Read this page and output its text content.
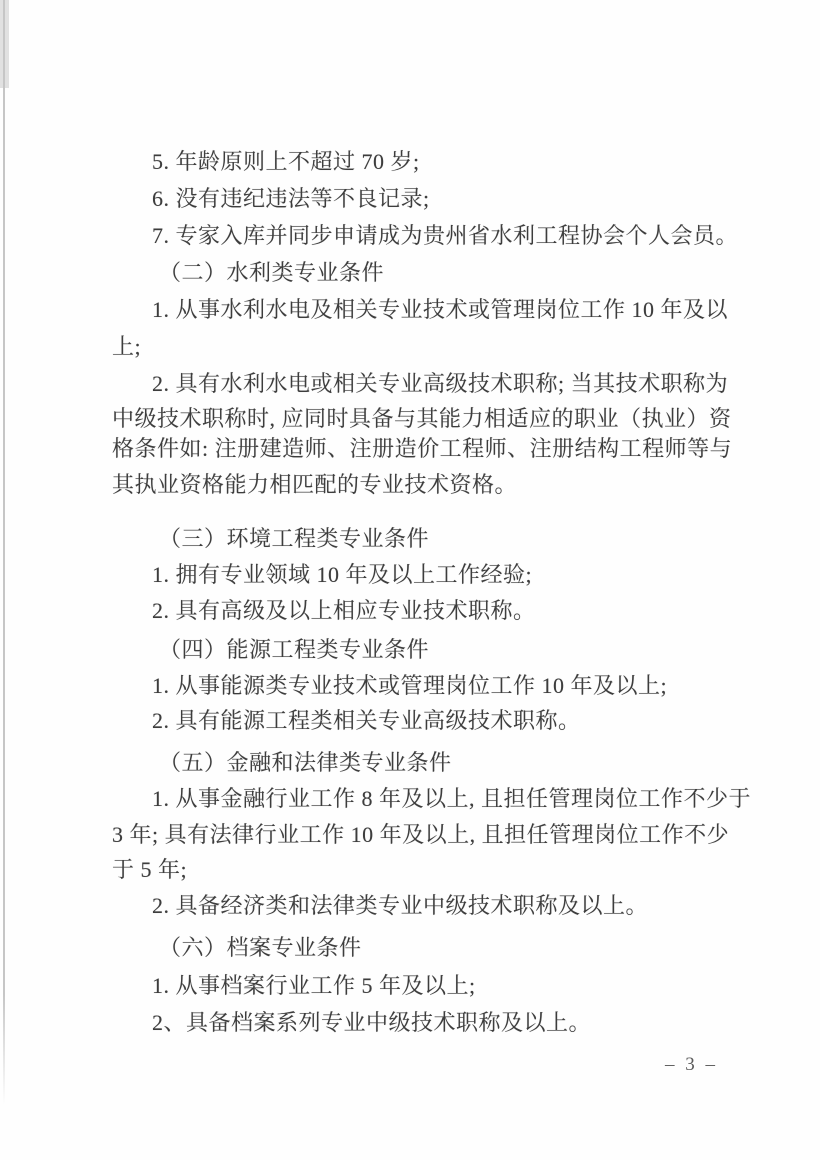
5. 年龄原则上不超过 70 岁;
6. 没有违纪违法等不良记录;
7. 专家入库并同步申请成为贵州省水利工程协会个人会员。
（二）水利类专业条件
1. 从事水利水电及相关专业技术或管理岗位工作 10 年及以
上;
2. 具有水利水电或相关专业高级技术职称; 当其技术职称为
中级技术职称时, 应同时具备与其能力相适应的职业（执业）资
格条件如: 注册建造师、注册造价工程师、注册结构工程师等与
其执业资格能力相匹配的专业技术资格。
（三）环境工程类专业条件
1. 拥有专业领域 10 年及以上工作经验;
2. 具有高级及以上相应专业技术职称。
（四）能源工程类专业条件
1. 从事能源类专业技术或管理岗位工作 10 年及以上;
2. 具有能源工程类相关专业高级技术职称。
（五）金融和法律类专业条件
1. 从事金融行业工作 8 年及以上, 且担任管理岗位工作不少于
3 年; 具有法律行业工作 10 年及以上, 且担任管理岗位工作不少
于 5 年;
2. 具备经济类和法律类专业中级技术职称及以上。
（六）档案专业条件
1. 从事档案行业工作 5 年及以上;
2、具备档案系列专业中级技术职称及以上。
– 3 –
